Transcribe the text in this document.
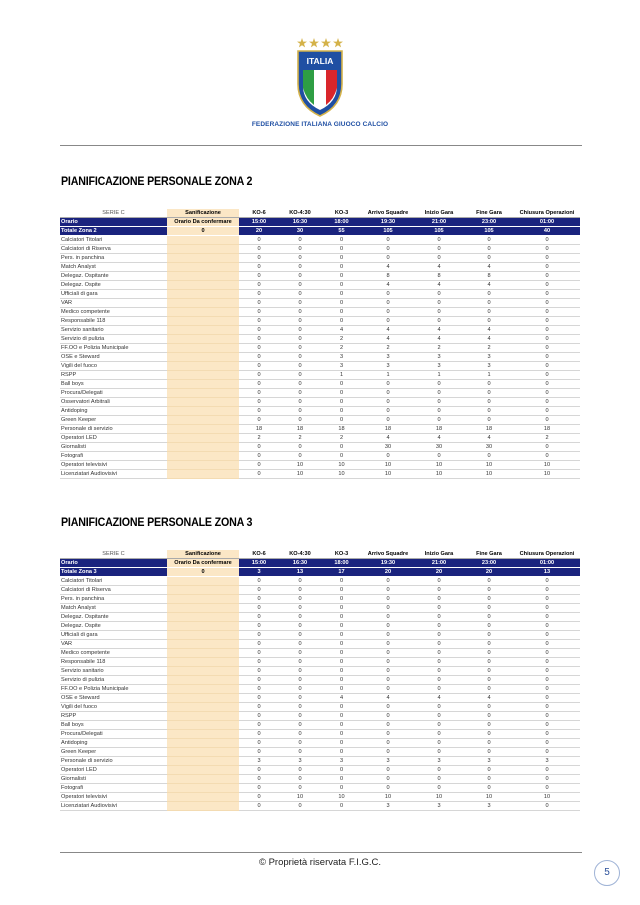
ITALIA
FEDERAZIONE ITALIANA GIUOCO CALCIO
PIANIFICAZIONE PERSONALE ZONA 2
SERIE C	Sanificazione	KO-6	KO-4:30	KO-3	Arrivo Squadre	Inizio Gara	Fine Gara	Chiusura Operazioni
Orario	Orario Da confermare	15:00	16:30	18:00	19:30	21:00	23:00	01:00
Totale Zona 2	0	20	30	55	105	105	105	40
Calciatori Titolari		0	0	0	0	0	0	0
Calciatori di Riserva		0	0	0	0	0	0	0
Pers. in panchina		0	0	0	0	0	0	0
Match Analyst		0	0	0	4	4	4	0
Delegaz. Ospitante		0	0	0	8	8	8	0
Delegaz. Ospite		0	0	0	4	4	4	0
Ufficiali di gara		0	0	0	0	0	0	0
VAR		0	0	0	0	0	0	0
Medico competente		0	0	0	0	0	0	0
Responsabile 118		0	0	0	0	0	0	0
Servizio sanitario		0	0	4	4	4	4	0
Servizio di pulizia		0	0	2	4	4	4	0
FF.OO e Polizia Municipale		0	0	2	2	2	2	0
OSE e Steward		0	0	3	3	3	3	0
Vigili del fuoco		0	0	3	3	3	3	0
RSPP		0	0	1	1	1	1	0
Ball boys		0	0	0	0	0	0	0
Procura/Delegati		0	0	0	0	0	0	0
Osservatori Arbitrali		0	0	0	0	0	0	0
Antidoping		0	0	0	0	0	0	0
Green Keeper		0	0	0	0	0	0	0
Personale di servizio		18	18	18	18	18	18	18
Operatori LED		2	2	2	4	4	4	2
Giornalisti		0	0	0	30	30	30	0
Fotografi		0	0	0	0	0	0	0
Operatori televisivi		0	10	10	10	10	10	10
Licenziatari Audiovisivi		0	10	10	10	10	10	10
PIANIFICAZIONE PERSONALE ZONA 3
SERIE C	Sanificazione	KO-6	KO-4:30	KO-3	Arrivo Squadre	Inizio Gara	Fine Gara	Chiusura Operazioni
Orario	Orario Da confermare	15:00	16:30	18:00	19:30	21:00	23:00	01:00
Totale Zona 3	0	3	13	17	20	20	20	13
Calciatori Titolari		0	0	0	0	0	0	0
Calciatori di Riserva		0	0	0	0	0	0	0
Pers. in panchina		0	0	0	0	0	0	0
Match Analyst		0	0	0	0	0	0	0
Delegaz. Ospitante		0	0	0	0	0	0	0
Delegaz. Ospite		0	0	0	0	0	0	0
Ufficiali di gara		0	0	0	0	0	0	0
VAR		0	0	0	0	0	0	0
Medico competente		0	0	0	0	0	0	0
Responsabile 118		0	0	0	0	0	0	0
Servizio sanitario		0	0	0	0	0	0	0
Servizio di pulizia		0	0	0	0	0	0	0
FF.OO e Polizia Municipale		0	0	0	0	0	0	0
OSE e Steward		0	0	4	4	4	4	0
Vigili del fuoco		0	0	0	0	0	0	0
RSPP		0	0	0	0	0	0	0
Ball boys		0	0	0	0	0	0	0
Procura/Delegati		0	0	0	0	0	0	0
Antidoping		0	0	0	0	0	0	0
Green Keeper		0	0	0	0	0	0	0
Personale di servizio		3	3	3	3	3	3	3
Operatori LED		0	0	0	0	0	0	0
Giornalisti		0	0	0	0	0	0	0
Fotografi		0	0	0	0	0	0	0
Operatori televisivi		0	10	10	10	10	10	10
Licenziatari Audiovisivi		0	0	0	3	3	3	0
© Proprietà riservata F.I.G.C.
5
